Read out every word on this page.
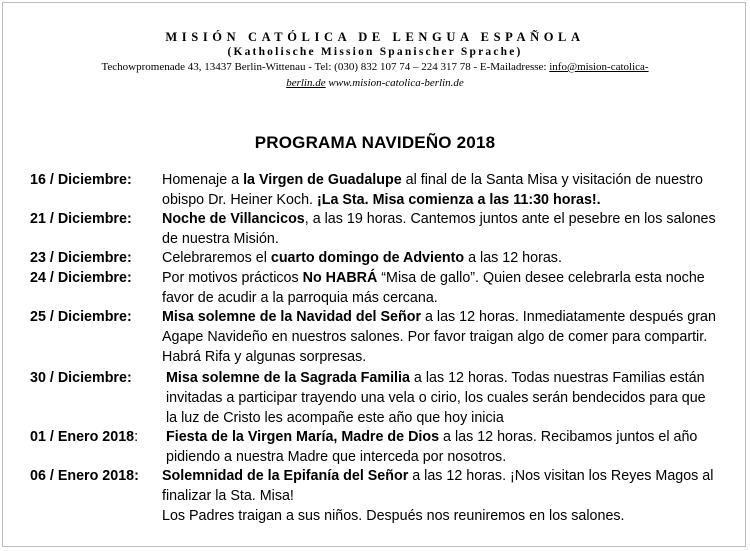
MISIÓN CATÓLICA DE LENGUA ESPAÑOLA
(Katholische Mission Spanischer Sprache)
Techowpromenade 43, 13437 Berlin-Wittenau - Tel: (030) 832 107 74 – 224 317 78 - E-Mailadresse: info@mision-catolica-
berlin.de www.mision-catolica-berlin.de
PROGRAMA NAVIDEÑO 2018
16 / Diciembre: Homenaje a la Virgen de Guadalupe al final de la Santa Misa y visitación de nuestro
obispo Dr. Heiner Koch. ¡La Sta. Misa comienza a las 11:30 horas!.
21 / Diciembre: Noche de Villancicos, a las 19 horas. Cantemos juntos ante el pesebre en los salones
de nuestra Misión.
23 / Diciembre: Celebraremos el cuarto domingo de Adviento a las 12 horas.
24 / Diciembre: Por motivos prácticos No HABRÁ “Misa de gallo”. Quien desee celebrarla esta noche
favor de acudir a la parroquia más cercana.
25 / Diciembre: Misa solemne de la Navidad del Señor a las 12 horas. Inmediatamente después gran
Agape Navideño en nuestros salones. Por favor traigan algo de comer para compartir.
Habrá Rifa y algunas sorpresas.
30 / Diciembre: Misa solemne de la Sagrada Familia a las 12 horas. Todas nuestras Familias están
invitadas a participar trayendo una vela o cirio, los cuales serán bendecidos para que
la luz de Cristo les acompañe este año que hoy inicia
01 / Enero 2018: Fiesta de la Virgen María, Madre de Dios a las 12 horas. Recibamos juntos el año
pidiendo a nuestra Madre que interceda por nosotros.
06 / Enero 2018: Solemnidad de la Epifanía del Señor a las 12 horas. ¡Nos visitan los Reyes Magos al
finalizar la Sta. Misa!
Los Padres traigan a sus niños. Después nos reuniremos en los salones.
